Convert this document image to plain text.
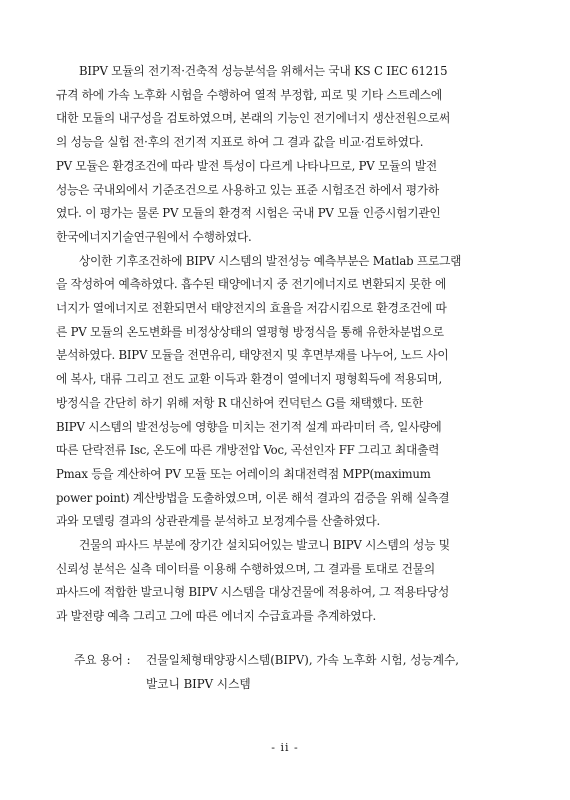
　　BIPV 모듈의 전기적·건축적 성능분석을 위해서는 국내 KS C IEC 61215
규격 하에 가속 노후화 시험을 수행하여 열적 부정합, 피로 및 기타 스트레스에
대한 모듈의 내구성을 검토하였으며, 본래의 기능인 전기에너지 생산전원으로써
의 성능을 실험 전·후의 전기적 지표로 하여 그 결과 값을 비교·검토하였다.
PV 모듈은 환경조건에 따라 발전 특성이 다르게 나타나므로, PV 모듈의 발전
성능은 국내외에서 기준조건으로 사용하고 있는 표준 시험조건 하에서 평가하
였다. 이 평가는 물론 PV 모듈의 환경적 시험은 국내 PV 모듈 인증시험기관인
한국에너지기술연구원에서 수행하였다.
　　상이한 기후조건하에 BIPV 시스템의 발전성능 예측부분은 Matlab 프로그램
을 작성하여 예측하였다. 흡수된 태양에너지 중 전기에너지로 변환되지 못한 에
너지가 열에너지로 전환되면서 태양전지의 효율을 저감시킴으로 환경조건에 따
른 PV 모듈의 온도변화를 비정상상태의 열평형 방정식을 통해 유한차분법으로
분석하였다. BIPV 모듈을 전면유리, 태양전지 및 후면부재를 나누어, 노드 사이
에 복사, 대류 그리고 전도 교환 이득과 환경이 열에너지 평형획득에 적용되며,
방정식을 간단히 하기 위해 저항 R 대신하여 컨덕턴스 G를 채택했다. 또한
BIPV 시스템의 발전성능에 영향을 미치는 전기적 설계 파라미터 즉, 일사량에
따른 단락전류 Isc, 온도에 따른 개방전압 Voc, 곡선인자 FF 그리고 최대출력
Pmax 등을 계산하여 PV 모듈 또는 어레이의 최대전력점 MPP(maximum
power point) 계산방법을 도출하였으며, 이론 해석 결과의 검증을 위해 실측결
과와 모델링 결과의 상관관계를 분석하고 보정계수를 산출하였다.
　　건물의 파사드 부분에 장기간 설치되어있는 발코니 BIPV 시스템의 성능 및
신뢰성 분석은 실측 데이터를 이용해 수행하였으며, 그 결과를 토대로 건물의
파사드에 적합한 발코니형 BIPV 시스템을 대상건물에 적용하여, 그 적용타당성
과 발전량 예측 그리고 그에 따른 에너지 수급효과를 추계하였다.
주요 용어 :	건물일체형태양광시스템(BIPV), 가속 노후화 시험, 성능계수,
발코니 BIPV 시스템
- ii -
